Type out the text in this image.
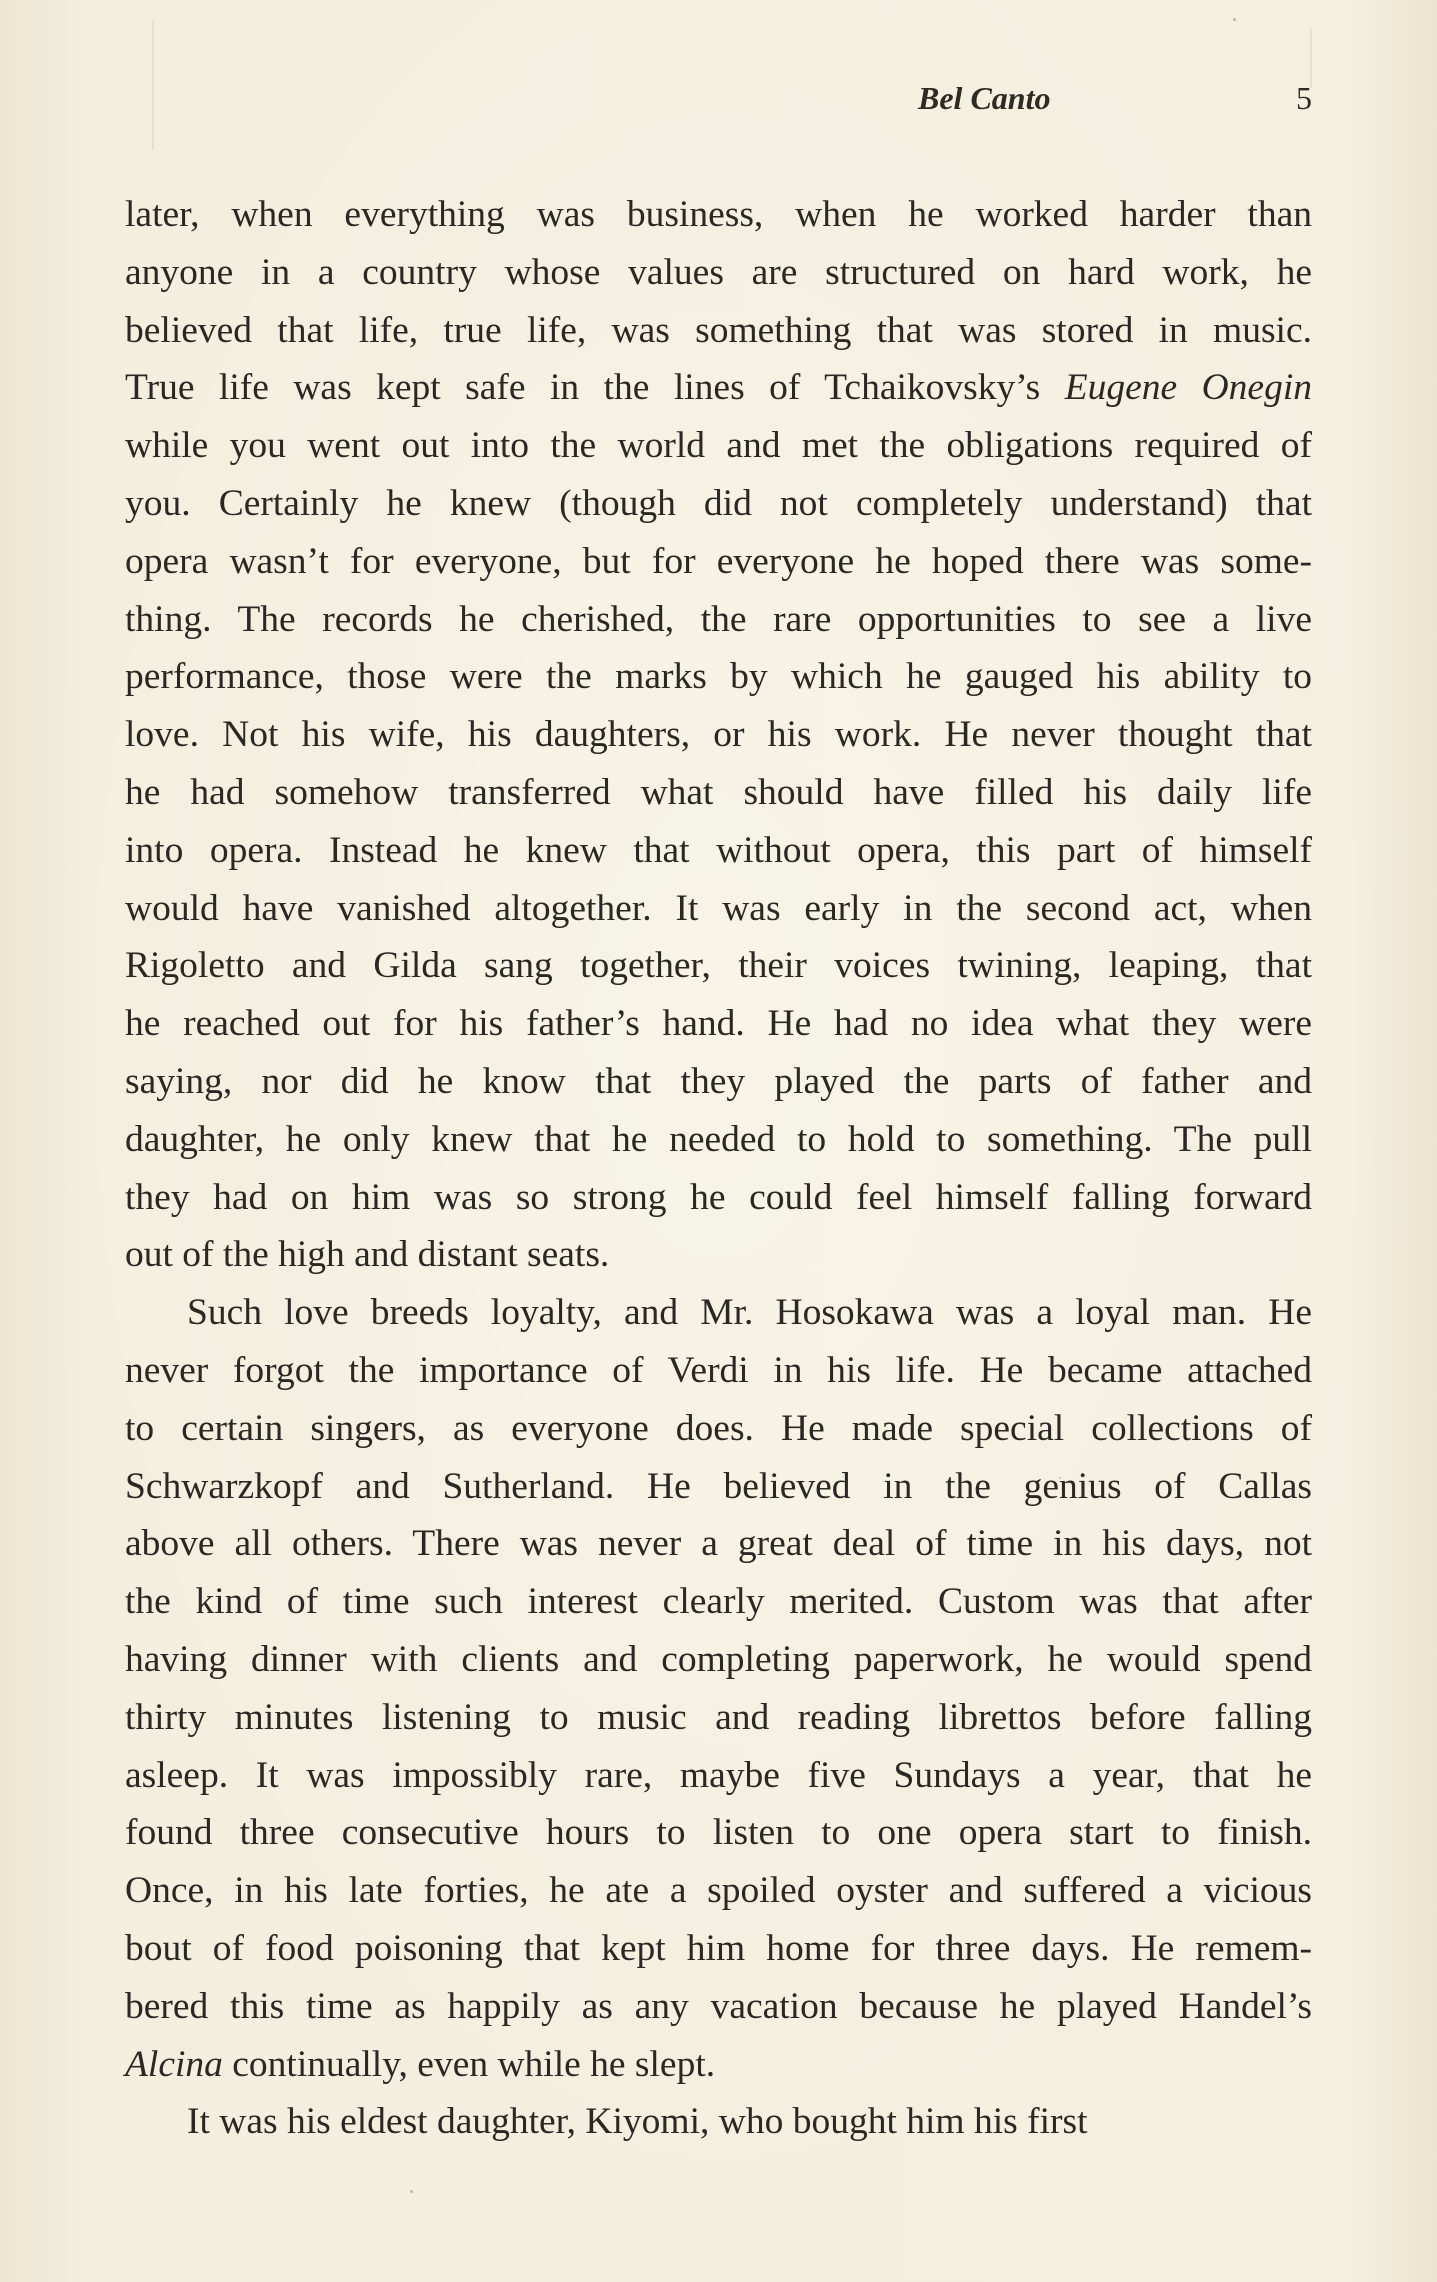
Bel Canto	5
later, when everything was business, when he worked harder than
anyone in a country whose values are structured on hard work, he
believed that life, true life, was something that was stored in music.
True life was kept safe in the lines of Tchaikovsky’s Eugene Onegin
while you went out into the world and met the obligations required of
you. Certainly he knew (though did not completely understand) that
opera wasn’t for everyone, but for everyone he hoped there was some-
thing. The records he cherished, the rare opportunities to see a live
performance, those were the marks by which he gauged his ability to
love. Not his wife, his daughters, or his work. He never thought that
he had somehow transferred what should have filled his daily life
into opera. Instead he knew that without opera, this part of himself
would have vanished altogether. It was early in the second act, when
Rigoletto and Gilda sang together, their voices twining, leaping, that
he reached out for his father’s hand. He had no idea what they were
saying, nor did he know that they played the parts of father and
daughter, he only knew that he needed to hold to something. The pull
they had on him was so strong he could feel himself falling forward
out of the high and distant seats.
Such love breeds loyalty, and Mr. Hosokawa was a loyal man. He
never forgot the importance of Verdi in his life. He became attached
to certain singers, as everyone does. He made special collections of
Schwarzkopf and Sutherland. He believed in the genius of Callas
above all others. There was never a great deal of time in his days, not
the kind of time such interest clearly merited. Custom was that after
having dinner with clients and completing paperwork, he would spend
thirty minutes listening to music and reading librettos before falling
asleep. It was impossibly rare, maybe five Sundays a year, that he
found three consecutive hours to listen to one opera start to finish.
Once, in his late forties, he ate a spoiled oyster and suffered a vicious
bout of food poisoning that kept him home for three days. He remem-
bered this time as happily as any vacation because he played Handel’s
Alcina continually, even while he slept.
It was his eldest daughter, Kiyomi, who bought him his first
